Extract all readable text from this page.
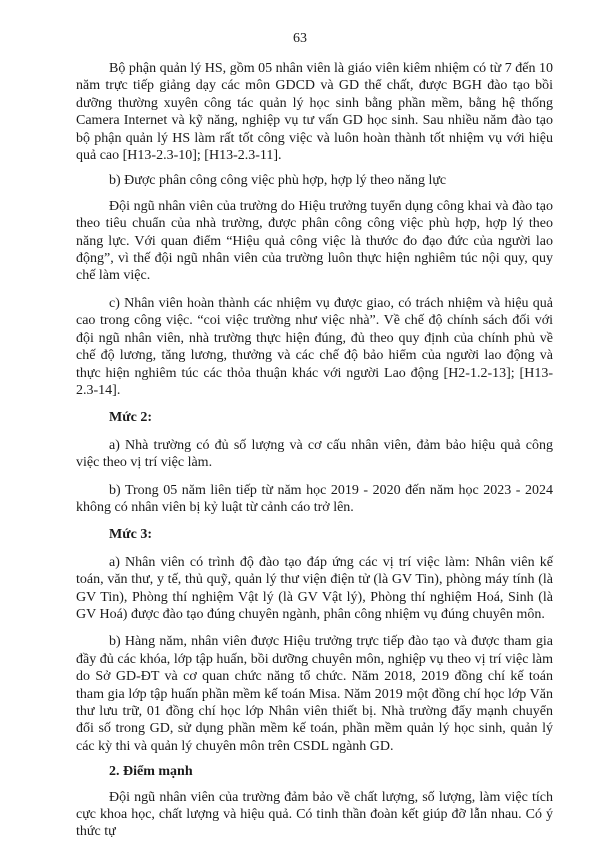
63

Bộ phận quản lý HS, gồm 05 nhân viên là giáo viên kiêm nhiệm có từ 7 đến 10 năm trực tiếp giảng dạy các môn GDCD và GD thể chất, được BGH đào tạo bồi dưỡng thường xuyên công tác quản lý học sinh bằng phần mềm, bằng hệ thống Camera Internet và kỹ năng, nghiệp vụ tư vấn GD học sinh. Sau nhiều năm đào tạo bộ phận quản lý HS làm rất tốt công việc và luôn hoàn thành tốt nhiệm vụ với hiệu quả cao [H13-2.3-10]; [H13-2.3-11].

b) Được phân công công việc phù hợp, hợp lý theo năng lực

Đội ngũ nhân viên của trường do Hiệu trưởng tuyển dụng công khai và đào tạo theo tiêu chuẩn của nhà trường, được phân công công việc phù hợp, hợp lý theo năng lực. Với quan điểm “Hiệu quả công việc là thước đo đạo đức của người lao động”, vì thế đội ngũ nhân viên của trường luôn thực hiện nghiêm túc nội quy, quy chế làm việc.

c) Nhân viên hoàn thành các nhiệm vụ được giao, có trách nhiệm và hiệu quả cao trong công việc. “coi việc trường như việc nhà”. Về chế độ chính sách đối với đội ngũ nhân viên, nhà trường thực hiện đúng, đủ theo quy định của chính phủ về chế độ lương, tăng lương, thưởng và các chế độ bảo hiểm của người lao động và thực hiện nghiêm túc các thỏa thuận khác với người Lao động [H2-1.2-13]; [H13-2.3-14].

Mức 2:

a) Nhà trường có đủ số lượng và cơ cấu nhân viên, đảm bảo hiệu quả công việc theo vị trí việc làm.

b) Trong 05 năm liên tiếp từ năm học 2019 - 2020 đến năm học 2023 - 2024 không có nhân viên bị kỷ luật từ cảnh cáo trở lên.

Mức 3:

a) Nhân viên có trình độ đào tạo đáp ứng các vị trí việc làm: Nhân viên kế toán, văn thư, y tế, thủ quỹ, quản lý thư viện điện tử (là GV Tin), phòng máy tính (là GV Tin), Phòng thí nghiệm Vật lý (là GV Vật lý), Phòng thí nghiệm Hoá, Sinh (là GV Hoá) được đào tạo đúng chuyên ngành, phân công nhiệm vụ đúng chuyên môn.

b) Hàng năm, nhân viên được Hiệu trưởng trực tiếp đào tạo và được tham gia đầy đủ các khóa, lớp tập huấn, bồi dưỡng chuyên môn, nghiệp vụ theo vị trí việc làm do Sở GD-ĐT và cơ quan chức năng tổ chức. Năm 2018, 2019 đồng chí kế toán tham gia lớp tập huấn phần mềm kế toán Misa. Năm 2019 một đồng chí học lớp Văn thư lưu trữ, 01 đồng chí học lớp Nhân viên thiết bị. Nhà trường đẩy mạnh chuyển đổi số trong GD, sử dụng phần mềm kế toán, phần mềm quản lý học sinh, quản lý các kỳ thi và quản lý chuyên môn trên CSDL ngành GD.

2. Điểm mạnh

Đội ngũ nhân viên của trường đảm bảo về chất lượng, số lượng, làm việc tích cực khoa học, chất lượng và hiệu quả. Có tinh thần đoàn kết giúp đỡ lẫn nhau. Có ý thức tự
